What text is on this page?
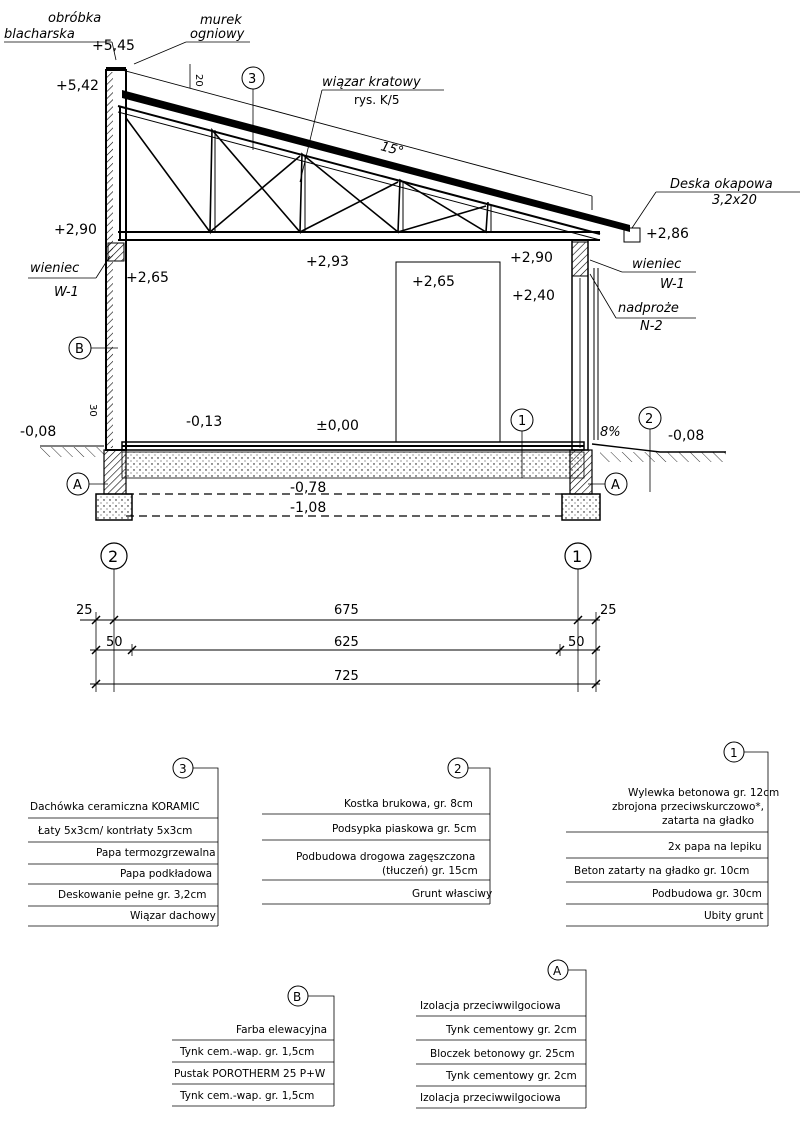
obróbka
blacharska
murek
ogniowy
20
+5,45
+5,42	3	wiązar kratowy
rys. K/5
15°
Deska okapowa
3,2x20
+2,86
+2,90
+2,93
+2,65
+2,90
+2,40
+2,65
wieniec
W-1
wieniec
W-1
nadproże
N-2
B
30
-0,08
-0,13	±0,00	1	2
8%	-0,08
A	A
-0,78
-1,08
2	1
25	675	25
50	625	50
725
3
Dachówka ceramiczna KORAMIC
Łaty 5x3cm/ kontrłaty 5x3cm
Papa termozgrzewalna
Papa podkładowa
Deskowanie pełne gr. 3,2cm
Wiązar dachowy
2
Kostka brukowa, gr. 8cm
Podsypka piaskowa gr. 5cm
Podbudowa drogowa zagęszczona
(tłuczeń) gr. 15cm
Grunt własciwy
1
Wylewka betonowa gr. 12cm
zbrojona przeciwskurczowo*,
zatarta na gładko
2x papa na lepiku
Beton zatarty na gładko gr. 10cm
Podbudowa gr. 30cm
Ubity grunt
B
Farba elewacyjna
Tynk cem.-wap. gr. 1,5cm
Pustak POROTHERM 25 P+W
Tynk cem.-wap. gr. 1,5cm
A
Izolacja przeciwwilgociowa
Tynk cementowy gr. 2cm
Bloczek betonowy gr. 25cm
Tynk cementowy gr. 2cm
Izolacja przeciwwilgociowa
